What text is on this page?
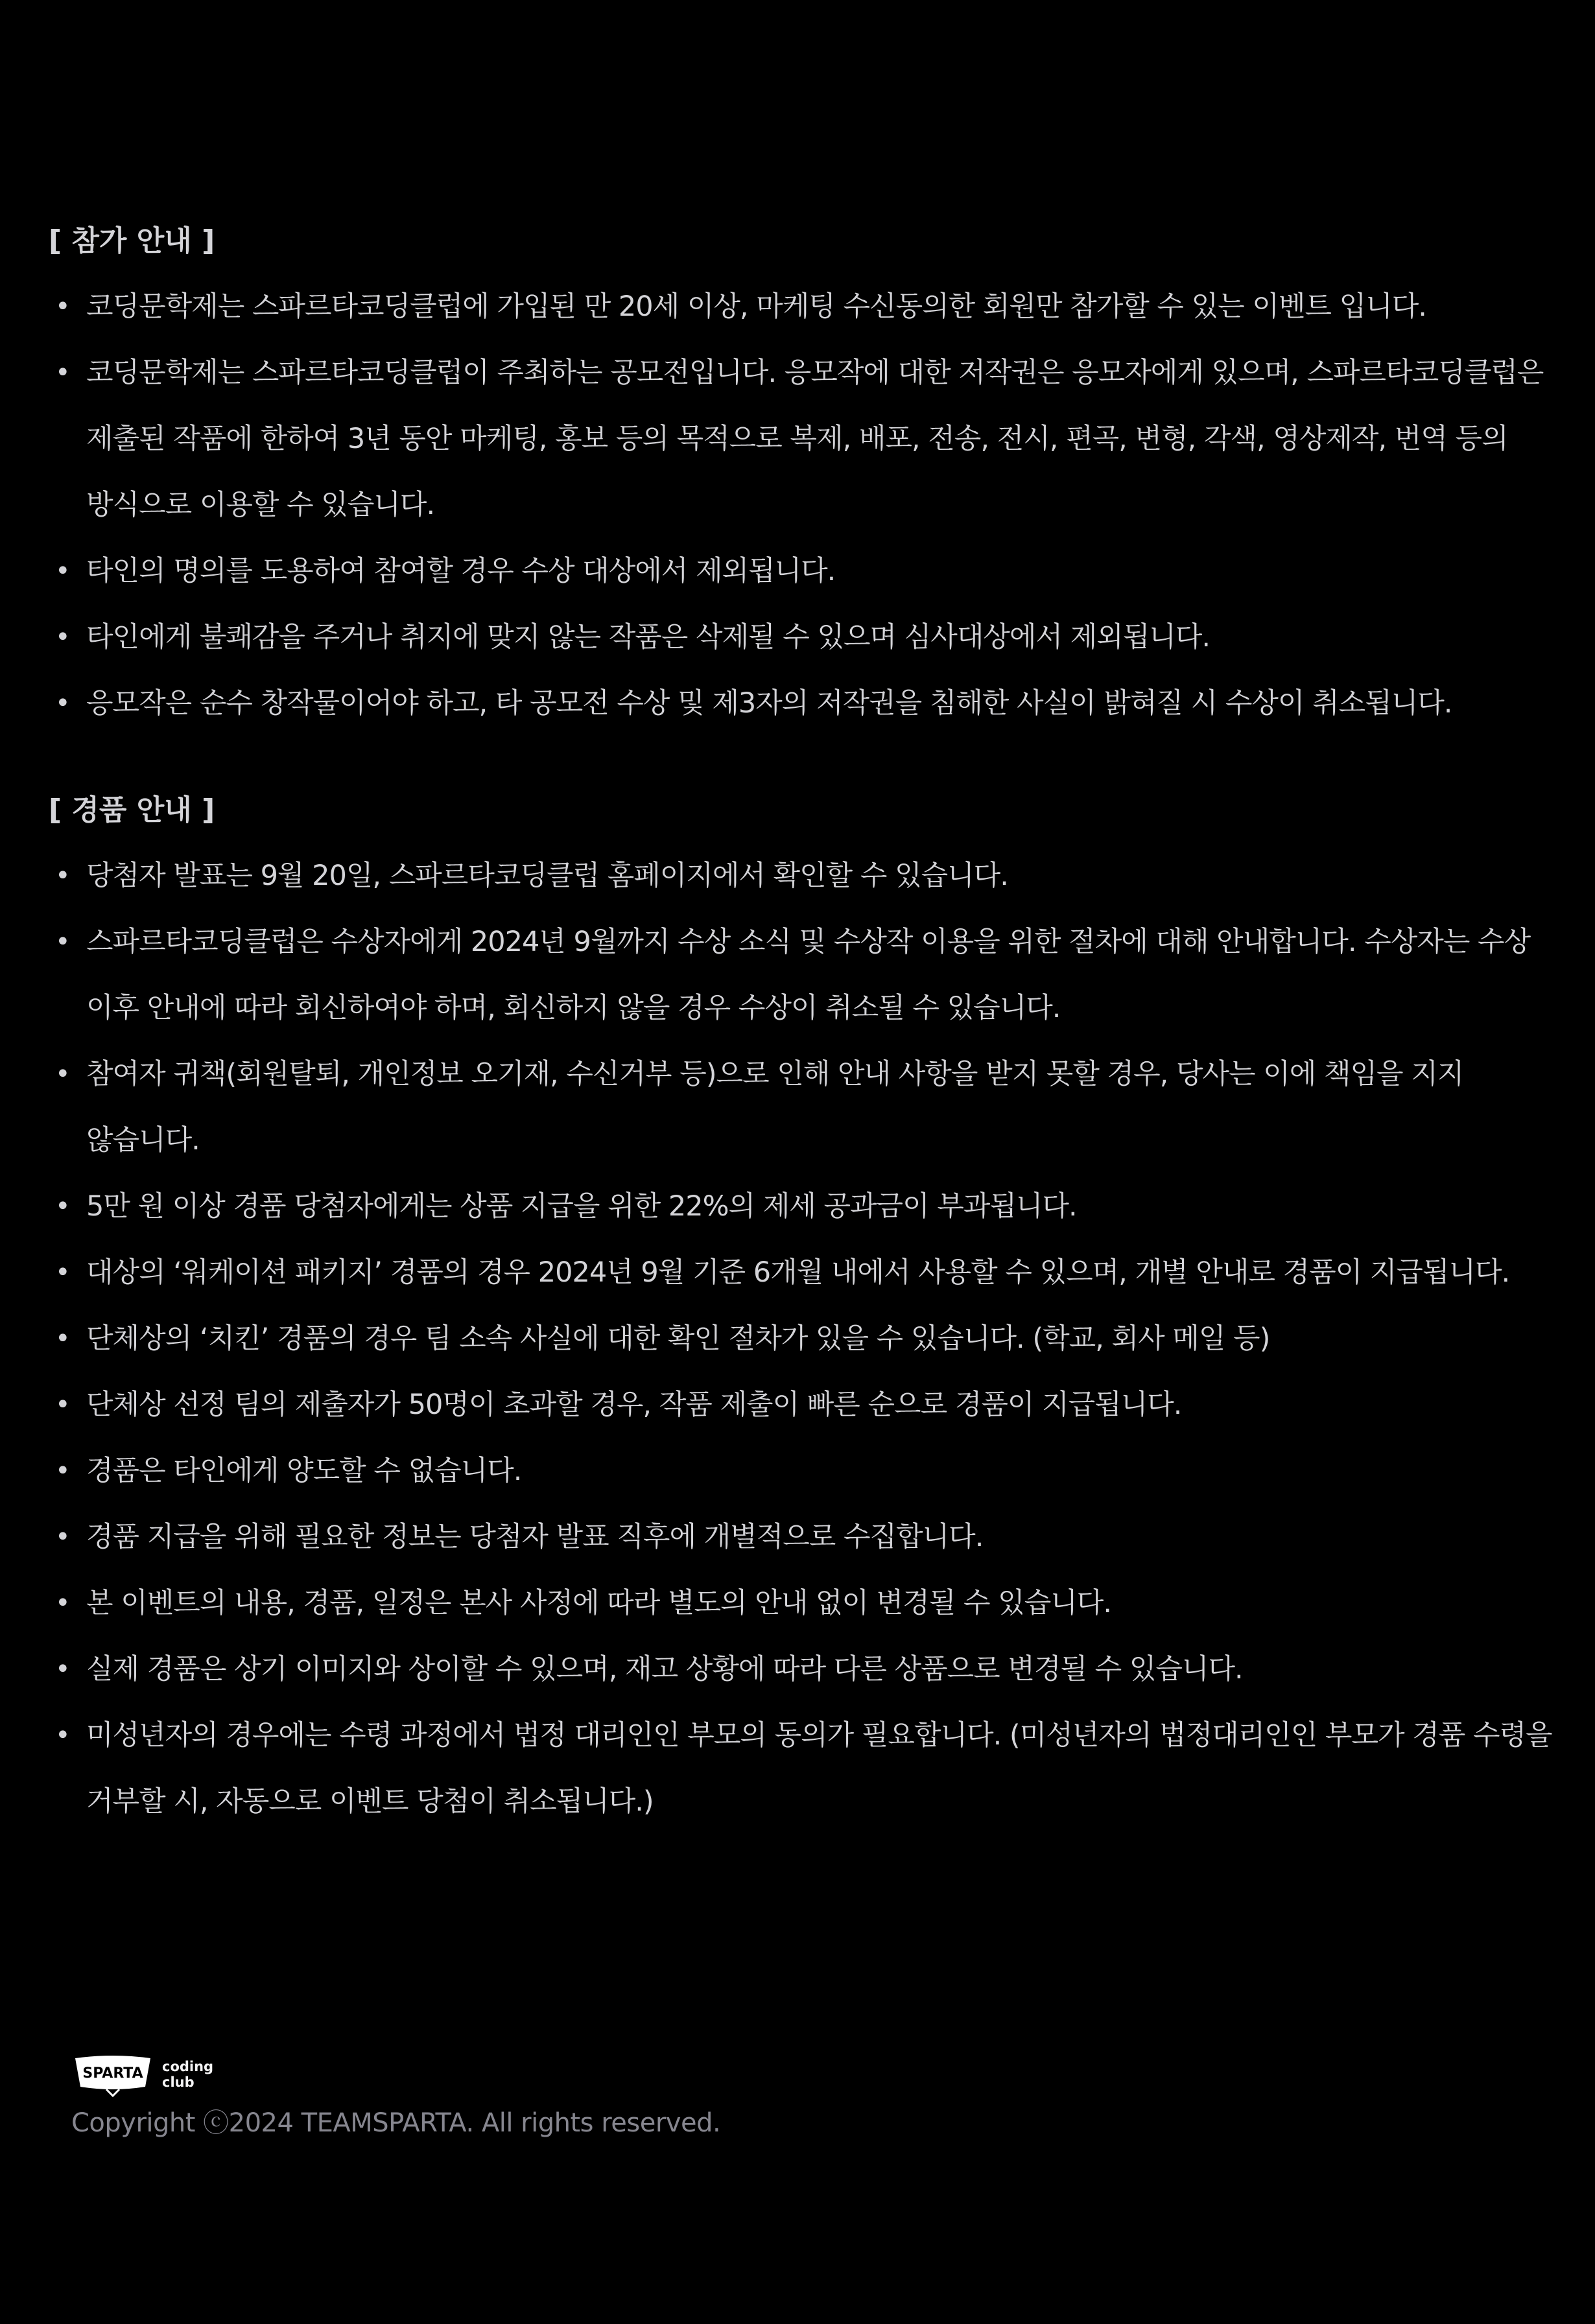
[ 참가 안내 ]
• 코딩문학제는 스파르타코딩클럽에 가입된 만 20세 이상, 마케팅 수신동의한 회원만 참가할 수 있는 이벤트 입니다.
• 코딩문학제는 스파르타코딩클럽이 주최하는 공모전입니다. 응모작에 대한 저작권은 응모자에게 있으며, 스파르타코딩클럽은 제출된 작품에 한하여 3년 동안 마케팅, 홍보 등의 목적으로 복제, 배포, 전송, 전시, 편곡, 변형, 각색, 영상제작, 번역 등의 방식으로 이용할 수 있습니다.
• 타인의 명의를 도용하여 참여할 경우 수상 대상에서 제외됩니다.
• 타인에게 불쾌감을 주거나 취지에 맞지 않는 작품은 삭제될 수 있으며 심사대상에서 제외됩니다.
• 응모작은 순수 창작물이어야 하고, 타 공모전 수상 및 제3자의 저작권을 침해한 사실이 밝혀질 시 수상이 취소됩니다.
[ 경품 안내 ]
• 당첨자 발표는 9월 20일, 스파르타코딩클럽 홈페이지에서 확인할 수 있습니다.
• 스파르타코딩클럽은 수상자에게 2024년 9월까지 수상 소식 및 수상작 이용을 위한 절차에 대해 안내합니다. 수상자는 수상 이후 안내에 따라 회신하여야 하며, 회신하지 않을 경우 수상이 취소될 수 있습니다.
• 참여자 귀책(회원탈퇴, 개인정보 오기재, 수신거부 등)으로 인해 안내 사항을 받지 못할 경우, 당사는 이에 책임을 지지 않습니다.
• 5만 원 이상 경품 당첨자에게는 상품 지급을 위한 22%의 제세 공과금이 부과됩니다.
• 대상의 ‘워케이션 패키지’ 경품의 경우 2024년 9월 기준 6개월 내에서 사용할 수 있으며, 개별 안내로 경품이 지급됩니다.
• 단체상의 ‘치킨’ 경품의 경우 팀 소속 사실에 대한 확인 절차가 있을 수 있습니다. (학교, 회사 메일 등)
• 단체상 선정 팀의 제출자가 50명이 초과할 경우, 작품 제출이 빠른 순으로 경품이 지급됩니다.
• 경품은 타인에게 양도할 수 없습니다.
• 경품 지급을 위해 필요한 정보는 당첨자 발표 직후에 개별적으로 수집합니다.
• 본 이벤트의 내용, 경품, 일정은 본사 사정에 따라 별도의 안내 없이 변경될 수 있습니다.
• 실제 경품은 상기 이미지와 상이할 수 있으며, 재고 상황에 따라 다른 상품으로 변경될 수 있습니다.
• 미성년자의 경우에는 수령 과정에서 법정 대리인인 부모의 동의가 필요합니다. (미성년자의 법정대리인인 부모가 경품 수령을 거부할 시, 자동으로 이벤트 당첨이 취소됩니다.)
SPARTA coding
club
Copyright ⓒ2024 TEAMSPARTA. All rights reserved.
